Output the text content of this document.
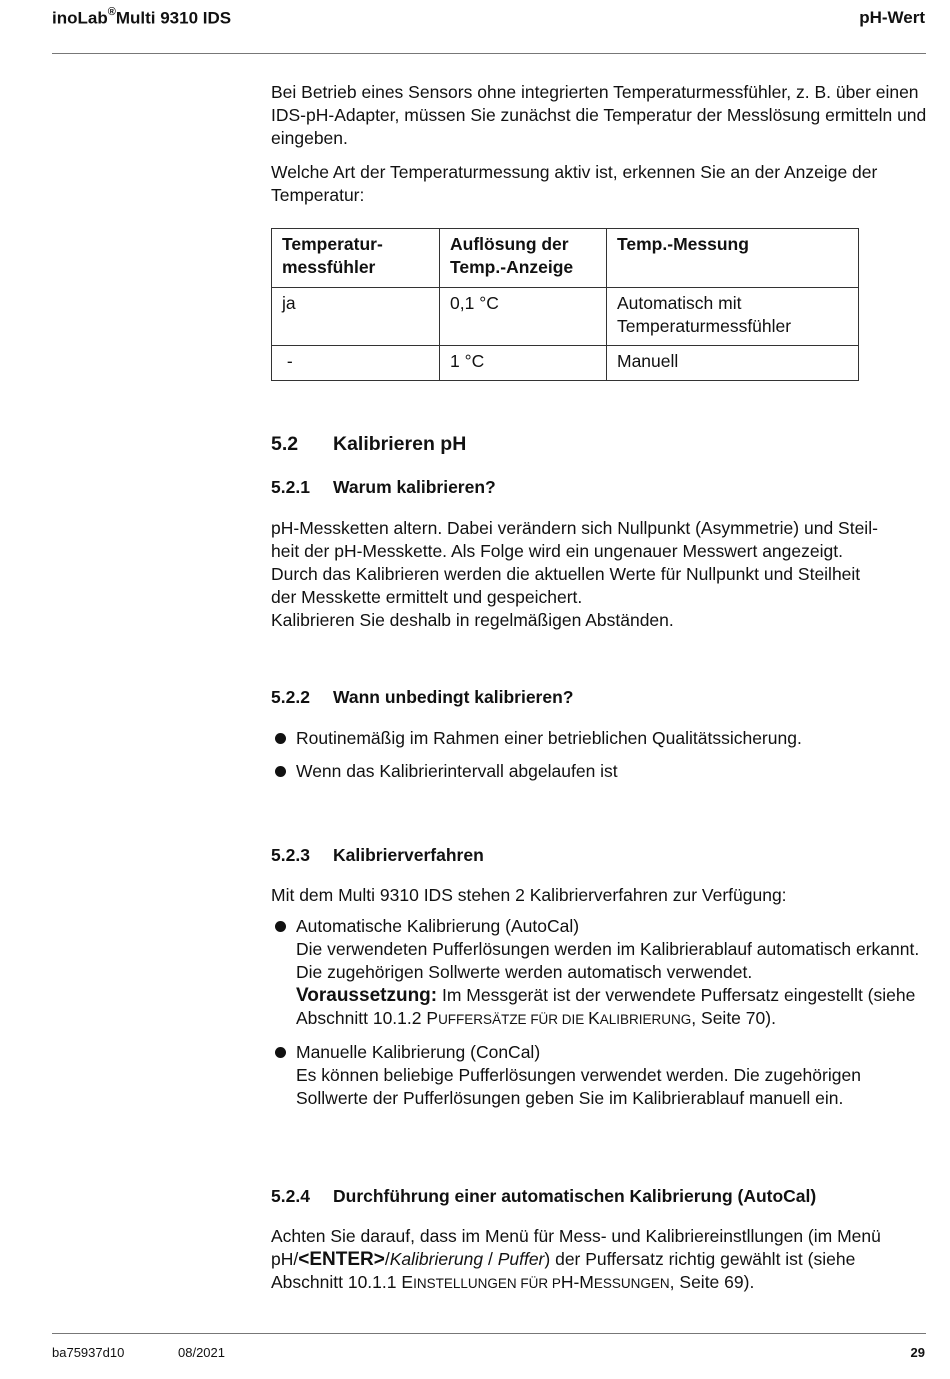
inoLab®Multi 9310 IDS	pH-Wert

Bei Betrieb eines Sensors ohne integrierten Temperaturmessfühler, z. B. über einen IDS-pH-Adapter, müssen Sie zunächst die Temperatur der Messlösung ermitteln und eingeben.

Welche Art der Temperaturmessung aktiv ist, erkennen Sie an der Anzeige der Temperatur:

Temperatur-
messfühler	Auflösung der Temp.-Anzeige	Temp.-Messung
ja	0,1 °C	Automatisch mit Temperaturmessfühler
-	1 °C	Manuell
5.2 Kalibrieren pH
5.2.1 Warum kalibrieren?
pH-Messketten altern. Dabei verändern sich Nullpunkt (Asymmetrie) und Steil-
heit der pH-Messkette. Als Folge wird ein ungenauer Messwert angezeigt.
Durch das Kalibrieren werden die aktuellen Werte für Nullpunkt und Steilheit
der Messkette ermittelt und gespeichert.
Kalibrieren Sie deshalb in regelmäßigen Abständen.
5.2.2 Wann unbedingt kalibrieren?
Routinemäßig im Rahmen einer betrieblichen Qualitätssicherung.
Wenn das Kalibrierintervall abgelaufen ist
5.2.3 Kalibrierverfahren

Mit dem Multi 9310 IDS stehen 2 Kalibrierverfahren zur Verfügung:

Automatische Kalibrierung (AutoCal)
Die verwendeten Pufferlösungen werden im Kalibrierablauf automatisch erkannt. Die zugehörigen Sollwerte werden automatisch verwendet.
Voraussetzung: Im Messgerät ist der verwendete Puffersatz eingestellt (siehe Abschnitt 10.1.2 PUFFERSÄTZE FÜR DIE KALIBRIERUNG, Seite 70).
Manuelle Kalibrierung (ConCal)
Es können beliebige Pufferlösungen verwendet werden. Die zugehörigen Sollwerte der Pufferlösungen geben Sie im Kalibrierablauf manuell ein.
5.2.4 Durchführung einer automatischen Kalibrierung (AutoCal)

Achten Sie darauf, dass im Menü für Mess- und Kalibriereinstllungen (im Menü pH/<ENTER>/Kalibrierung / Puffer) der Puffersatz richtig gewählt ist (siehe Abschnitt 10.1.1 EINSTELLUNGEN FÜR PH-MESSUNGEN, Seite 69).

ba75937d10	08/2021	29
